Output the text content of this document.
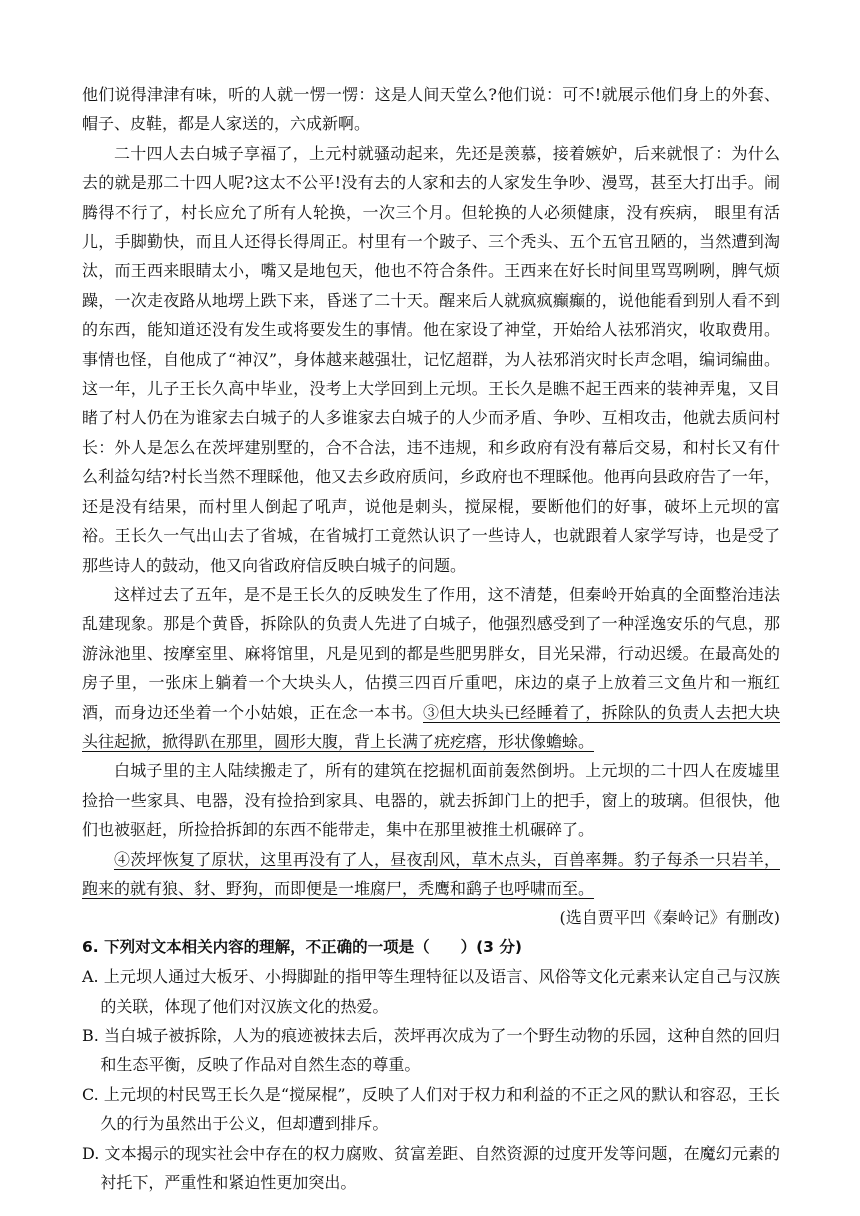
他们说得津津有味，听的人就一愣一愣：这是人间天堂么?他们说：可不!就展示他们身上的外套、帽子、皮鞋，都是人家送的，六成新啊。

二十四人去白城子享福了，上元村就骚动起来，先还是羡慕，接着嫉妒，后来就恨了：为什么去的就是那二十四人呢?这太不公平!没有去的人家和去的人家发生争吵、漫骂，甚至大打出手。闹腾得不行了，村长应允了所有人轮换，一次三个月。但轮换的人必须健康，没有疾病， 眼里有活儿，手脚勤快，而且人还得长得周正。村里有一个跛子、三个秃头、五个五官丑陋的，当然遭到淘汰，而王西来眼睛太小，嘴又是地包天，他也不符合条件。王西来在好长时间里骂骂咧咧，脾气烦躁，一次走夜路从地塄上跌下来，昏迷了二十天。醒来后人就疯疯癫癫的，说他能看到别人看不到的东西，能知道还没有发生或将要发生的事情。他在家设了神堂，开始给人祛邪消灾，收取费用。事情也怪，自他成了“神汉”，身体越来越强壮，记忆超群，为人祛邪消灾时长声念唱，编词编曲。这一年，儿子王长久高中毕业，没考上大学回到上元坝。王长久是瞧不起王西来的装神弄鬼，又目睹了村人仍在为谁家去白城子的人多谁家去白城子的人少而矛盾、争吵、互相攻击，他就去质问村长：外人是怎么在茨坪建别墅的，合不合法，违不违规，和乡政府有没有幕后交易，和村长又有什么利益勾结?村长当然不理睬他，他又去乡政府质问，乡政府也不理睬他。他再向县政府告了一年，还是没有结果，而村里人倒起了吼声，说他是刺头，搅屎棍，要断他们的好事，破坏上元坝的富裕。王长久一气出山去了省城，在省城打工竟然认识了一些诗人，也就跟着人家学写诗，也是受了那些诗人的鼓动，他又向省政府信反映白城子的问题。

这样过去了五年，是不是王长久的反映发生了作用，这不清楚，但秦岭开始真的全面整治违法乱建现象。那是个黄昏，拆除队的负责人先进了白城子，他强烈感受到了一种淫逸安乐的气息，那游泳池里、按摩室里、麻将馆里，凡是见到的都是些肥男胖女，目光呆滞，行动迟缓。在最高处的房子里，一张床上躺着一个大块头人，估摸三四百斤重吧，床边的桌子上放着三文鱼片和一瓶红酒，而身边还坐着一个小姑娘，正在念一本书。③但大块头已经睡着了，拆除队的负责人去把大块头往起掀，掀得趴在那里，圆形大腹，背上长满了疣疙瘩，形状像蟾蜍。

白城子里的主人陆续搬走了，所有的建筑在挖掘机面前轰然倒坍。上元坝的二十四人在废墟里捡拾一些家具、电器，没有捡拾到家具、电器的，就去拆卸门上的把手，窗上的玻璃。但很快，他们也被驱赶，所捡拾拆卸的东西不能带走，集中在那里被推土机碾碎了。

④茨坪恢复了原状，这里再没有了人，昼夜刮风，草木点头，百兽率舞。豹子每杀一只岩羊，跑来的就有狼、豺、野狗，而即便是一堆腐尸，秃鹰和鹞子也呼啸而至。

(选自贾平凹《秦岭记》有删改)

6. 下列对文本相关内容的理解，不正确的一项是（　　）(3 分)

A. 上元坝人通过大板牙、小拇脚趾的指甲等生理特征以及语言、风俗等文化元素来认定自己与汉族的关联，体现了他们对汉族文化的热爱。

B. 当白城子被拆除，人为的痕迹被抹去后，茨坪再次成为了一个野生动物的乐园，这种自然的回归和生态平衡，反映了作品对自然生态的尊重。

C. 上元坝的村民骂王长久是“搅屎棍”，反映了人们对于权力和利益的不正之风的默认和容忍，王长久的行为虽然出于公义，但却遭到排斥。

D. 文本揭示的现实社会中存在的权力腐败、贫富差距、自然资源的过度开发等问题，在魔幻元素的衬托下，严重性和紧迫性更加突出。
